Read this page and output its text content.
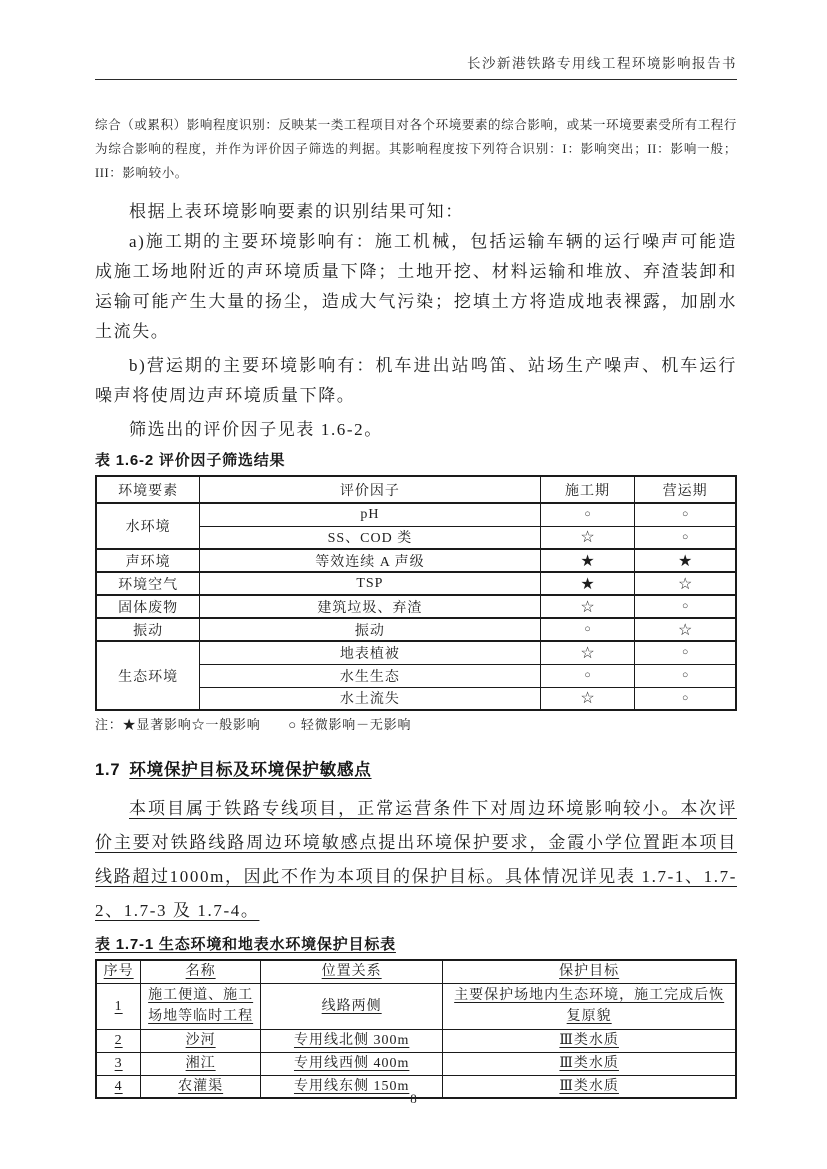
长沙新港铁路专用线工程环境影响报告书

综合（或累积）影响程度识别：反映某一类工程项目对各个环境要素的综合影响，或某一环境要素受所有工程行为综合影响的程度，并作为评价因子筛选的判据。其影响程度按下列符合识别：I：影响突出；II：影响一般；III：影响较小。

根据上表环境影响要素的识别结果可知：

a)施工期的主要环境影响有：施工机械，包括运输车辆的运行噪声可能造成施工场地附近的声环境质量下降；土地开挖、材料运输和堆放、弃渣装卸和运输可能产生大量的扬尘，造成大气污染；挖填土方将造成地表裸露，加剧水土流失。

b)营运期的主要环境影响有：机车进出站鸣笛、站场生产噪声、机车运行噪声将使周边声环境质量下降。

筛选出的评价因子见表 1.6-2。

表 1.6-2 评价因子筛选结果

环境要素	评价因子	施工期	营运期
水环境	pH	○	○
	SS、COD 类	☆	○
声环境	等效连续 A 声级	★	★
环境空气	TSP	★	☆
固体废物	建筑垃圾、弃渣	☆	○
振动	振动	○	☆
生态环境	地表植被	☆	○
	水生生态	○	○
	水土流失	☆	○

注：★显著影响☆一般影响　　○ 轻微影响－无影响

1.7 环境保护目标及环境保护敏感点

本项目属于铁路专线项目，正常运营条件下对周边环境影响较小。本次评价主要对铁路线路周边环境敏感点提出环境保护要求，金霞小学位置距本项目线路超过1000m，因此不作为本项目的保护目标。具体情况详见表 1.7-1、1.7-2、1.7-3 及 1.7-4。

表 1.7-1 生态环境和地表水环境保护目标表

序号	名称	位置关系	保护目标
1	施工便道、施工场地等临时工程	线路两侧	主要保护场地内生态环境，施工完成后恢复原貌
2	沙河	专用线北侧 300m	Ⅲ类水质
3	湘江	专用线西侧 400m	Ⅲ类水质
4	农灌渠	专用线东侧 150m	Ⅲ类水质
8
